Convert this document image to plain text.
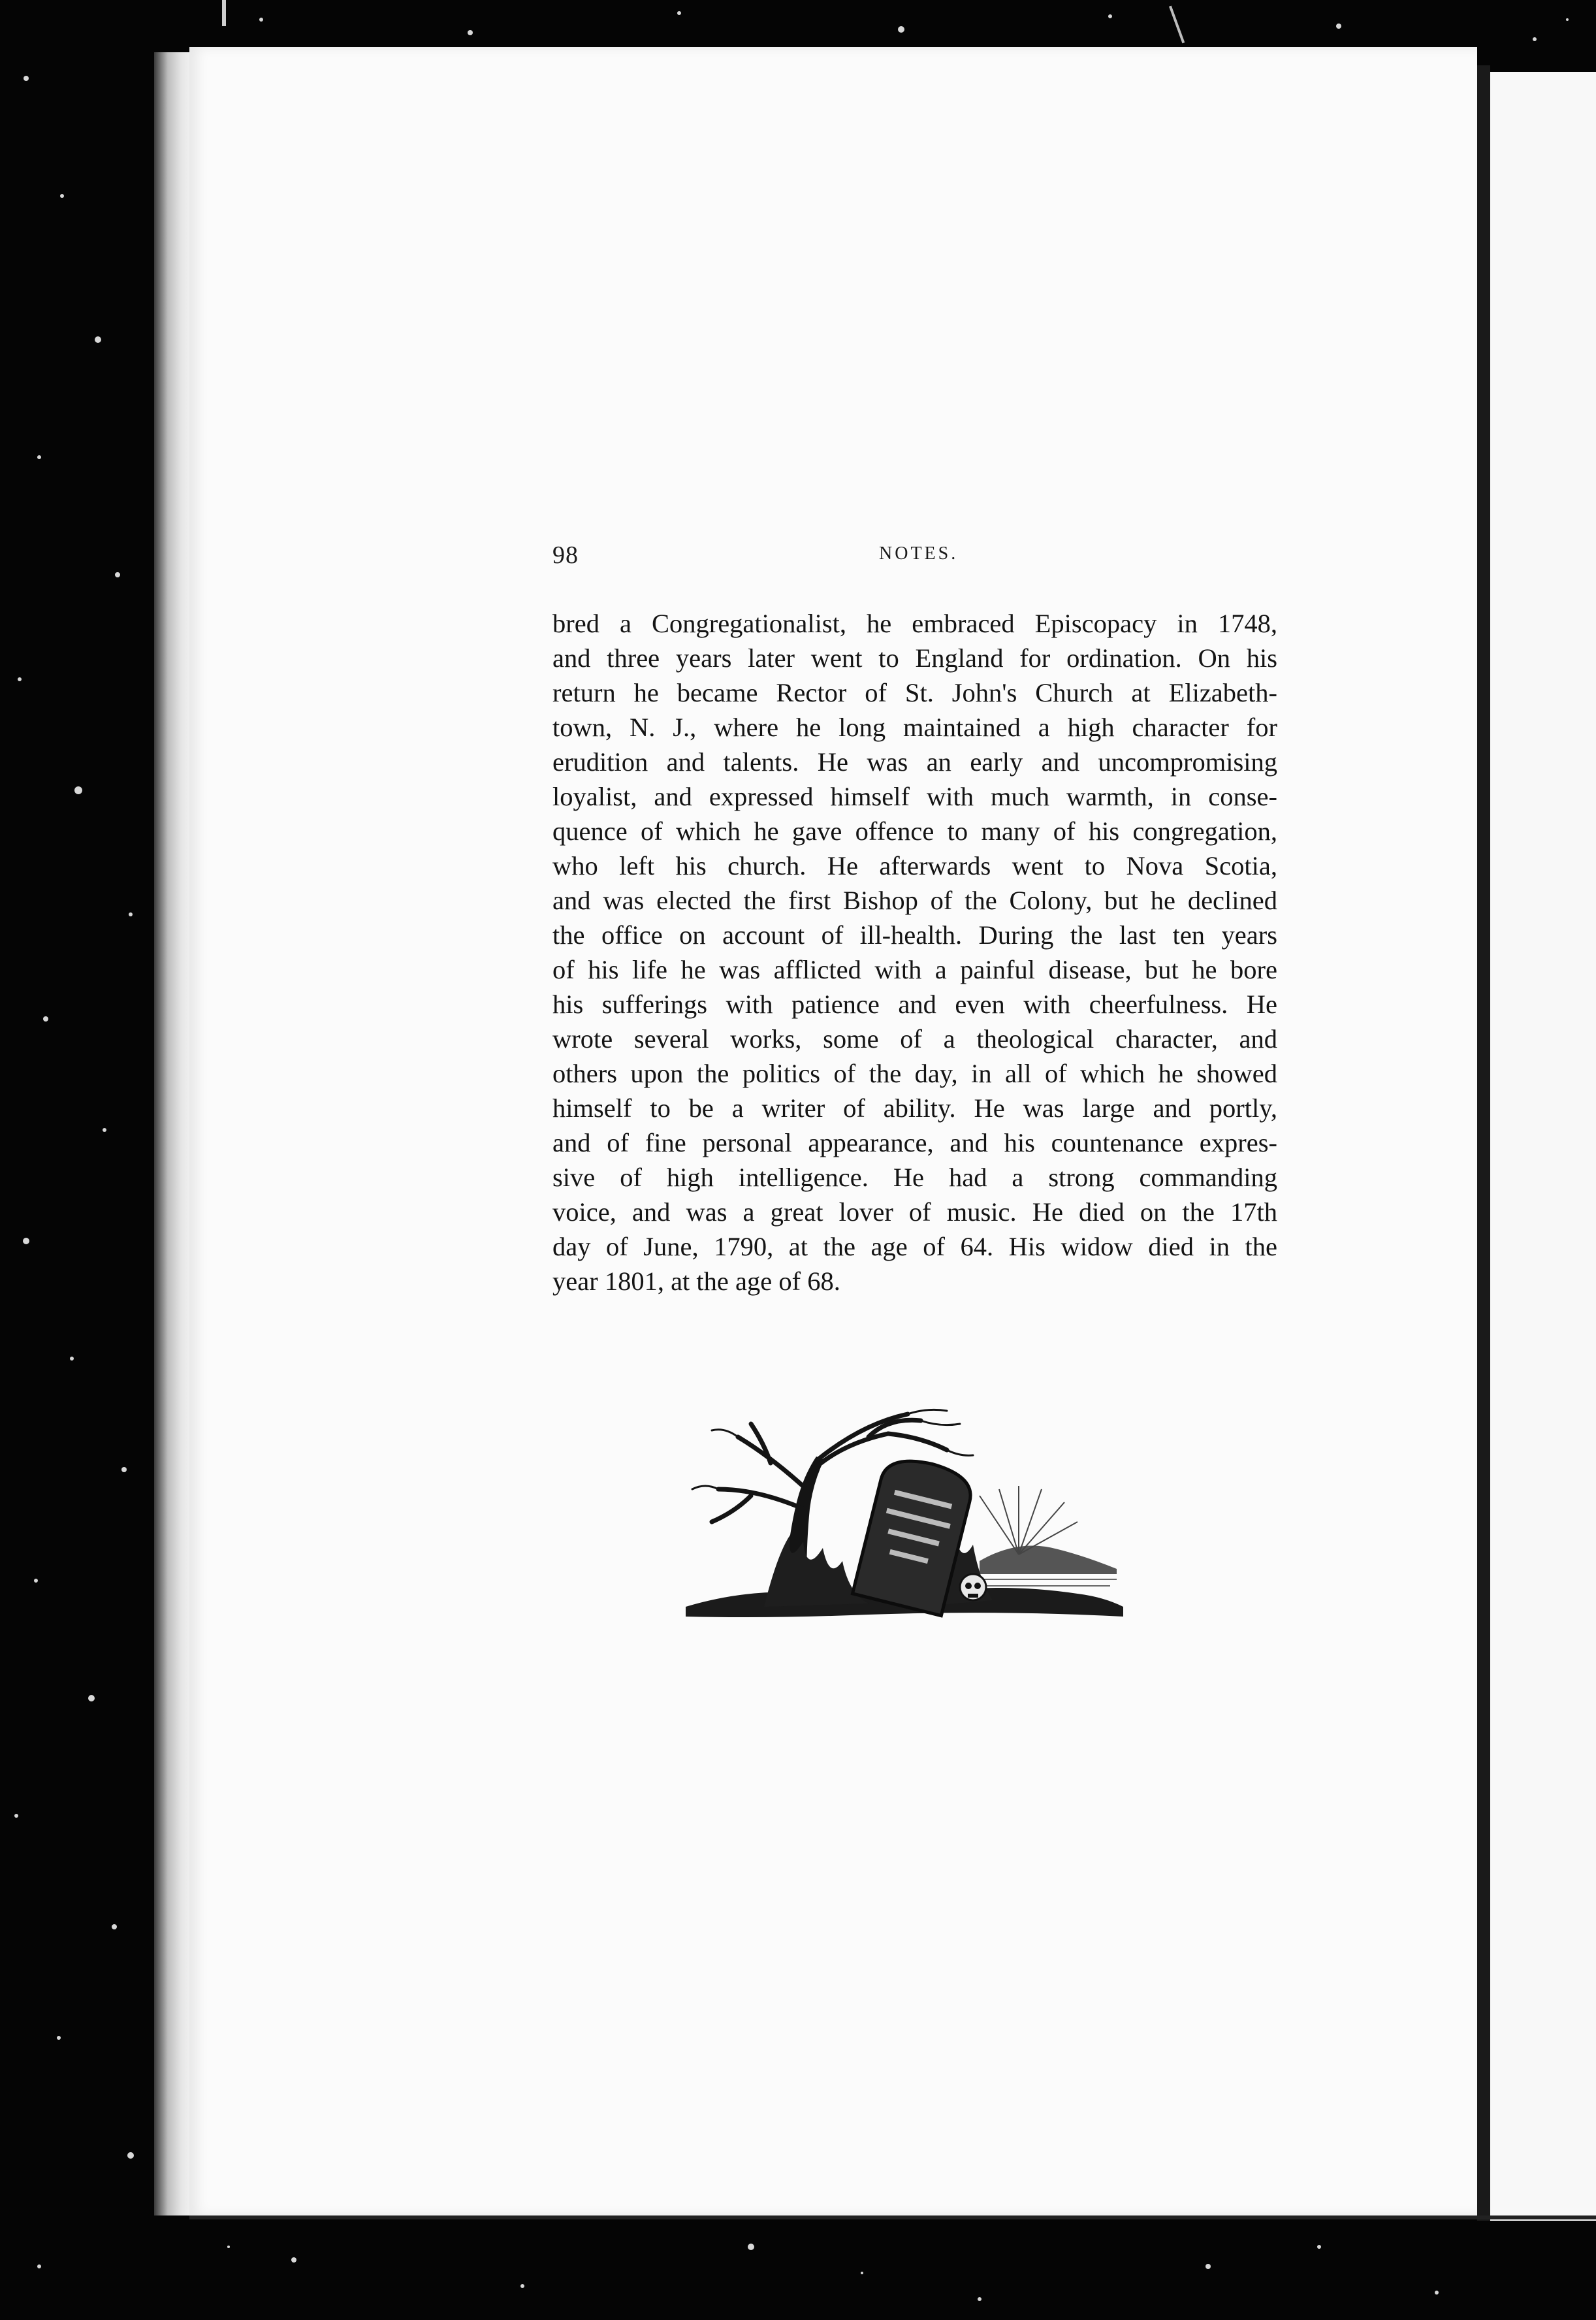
98	NOTES.
bred a Congregationalist, he embraced Episcopacy in 1748,
and three years later went to England for ordination. On his
return he became Rector of St. John's Church at Elizabeth-
town, N. J., where he long maintained a high character for
erudition and talents. He was an early and uncompromising
loyalist, and expressed himself with much warmth, in conse-
quence of which he gave offence to many of his congregation,
who left his church. He afterwards went to Nova Scotia,
and was elected the first Bishop of the Colony, but he declined
the office on account of ill-health. During the last ten years
of his life he was afflicted with a painful disease, but he bore
his sufferings with patience and even with cheerfulness. He
wrote several works, some of a theological character, and
others upon the politics of the day, in all of which he showed
himself to be a writer of ability. He was large and portly,
and of fine personal appearance, and his countenance expres-
sive of high intelligence. He had a strong commanding
voice, and was a great lover of music. He died on the 17th
day of June, 1790, at the age of 64. His widow died in the
year 1801, at the age of 68.
